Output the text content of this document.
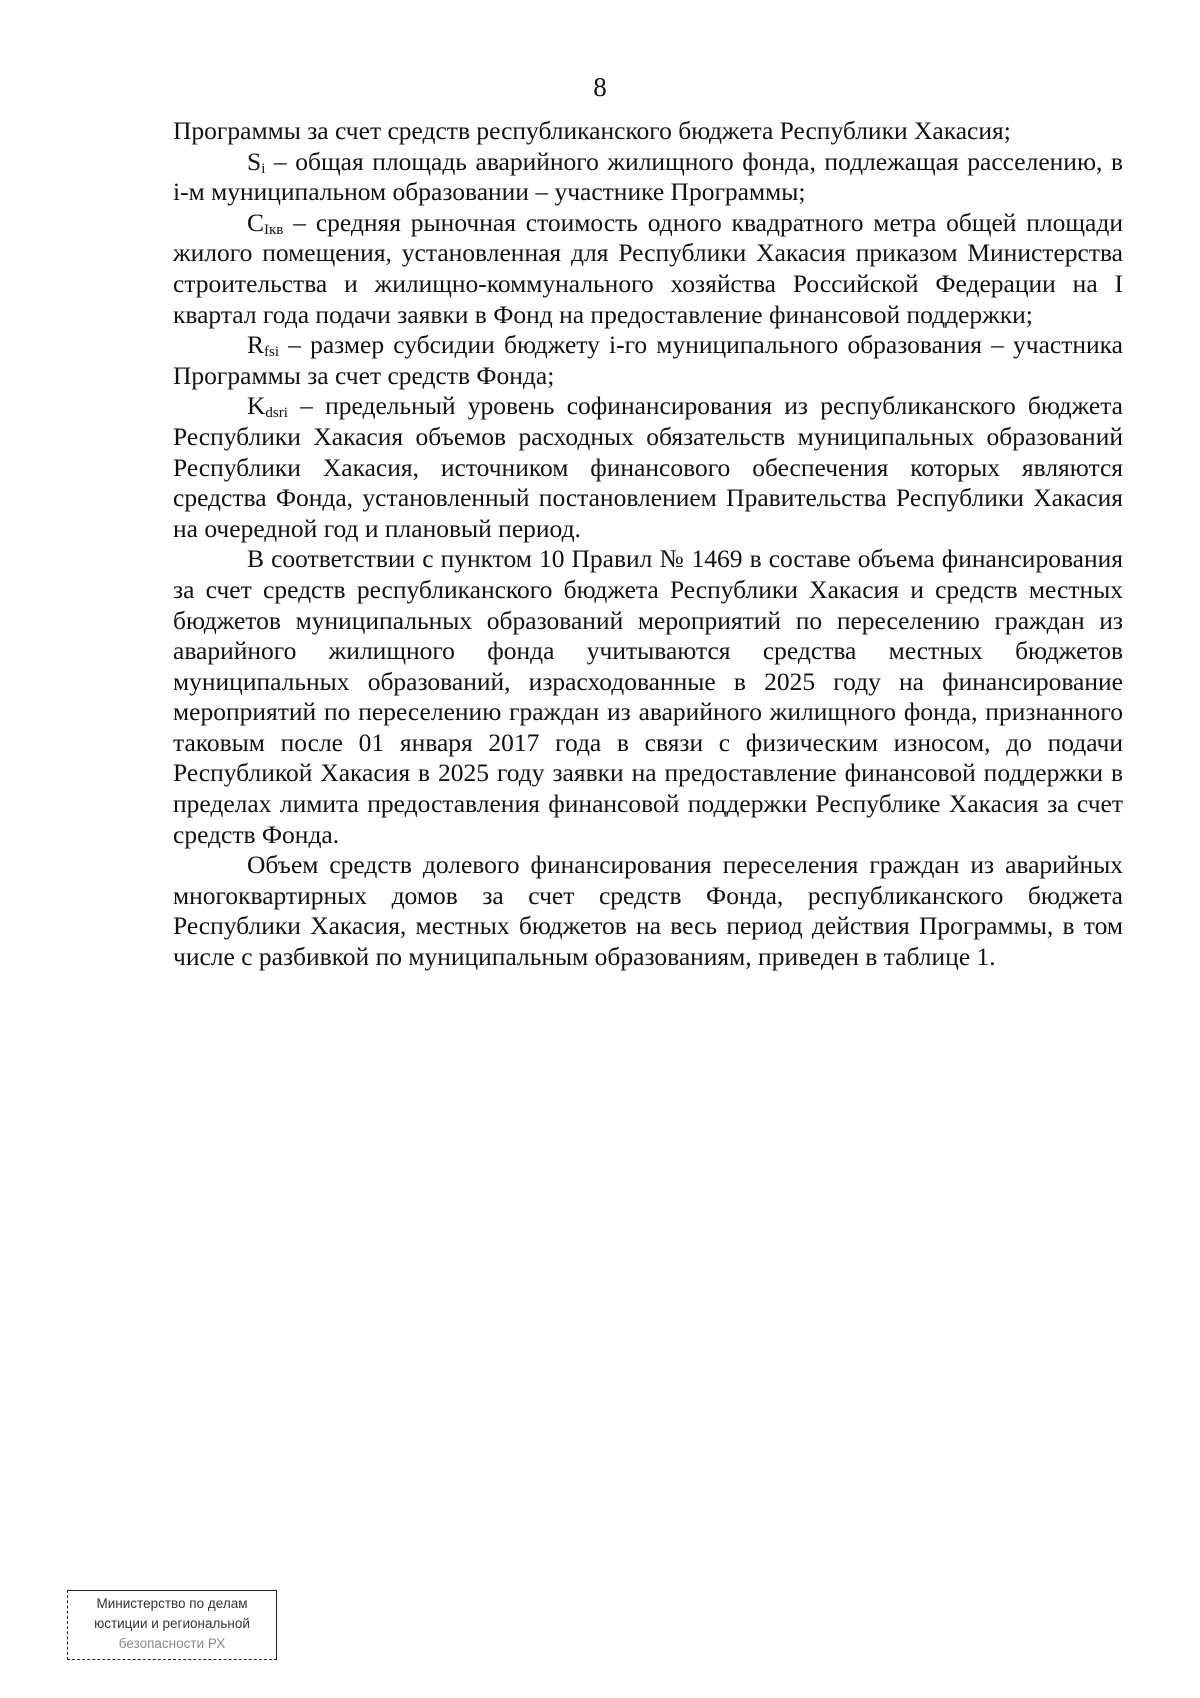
8

Программы за счет средств республиканского бюджета Республики Хакасия;

$S_i$ – общая площадь аварийного жилищного фонда, подлежащая расселению, в i-м муниципальном образовании – участнике Программы;

$C_{Iкв}$ – средняя рыночная стоимость одного квадратного метра общей площади жилого помещения, установленная для Республики Хакасия приказом Министерства строительства и жилищно-коммунального хозяйства Российской Федерации на I квартал года подачи заявки в Фонд на предоставление финансовой поддержки;

$R_{fsi}$ – размер субсидии бюджету i-го муниципального образования – участника Программы за счет средств Фонда;

$K_{dsri}$ – предельный уровень софинансирования из республиканского бюджета Республики Хакасия объемов расходных обязательств муниципальных образований Республики Хакасия, источником финансового обеспечения которых являются средства Фонда, установленный постановлением Правительства Республики Хакасия на очередной год и плановый период.

В соответствии с пунктом 10 Правил № 1469 в составе объема финансирования за счет средств республиканского бюджета Республики Хакасия и средств местных бюджетов муниципальных образований мероприятий по переселению граждан из аварийного жилищного фонда учитываются средства местных бюджетов муниципальных образований, израсходованные в 2025 году на финансирование мероприятий по переселению граждан из аварийного жилищного фонда, признанного таковым после 01 января 2017 года в связи с физическим износом, до подачи Республикой Хакасия в 2025 году заявки на предоставление финансовой поддержки в пределах лимита предоставления финансовой поддержки Республике Хакасия за счет средств Фонда.

Объем средств долевого финансирования переселения граждан из аварийных многоквартирных домов за счет средств Фонда, республиканского бюджета Республики Хакасия, местных бюджетов на весь период действия Программы, в том числе с разбивкой по муниципальным образованиям, приведен в таблице 1.

Министерство по делам
юстиции и региональной
безопасности РХ
